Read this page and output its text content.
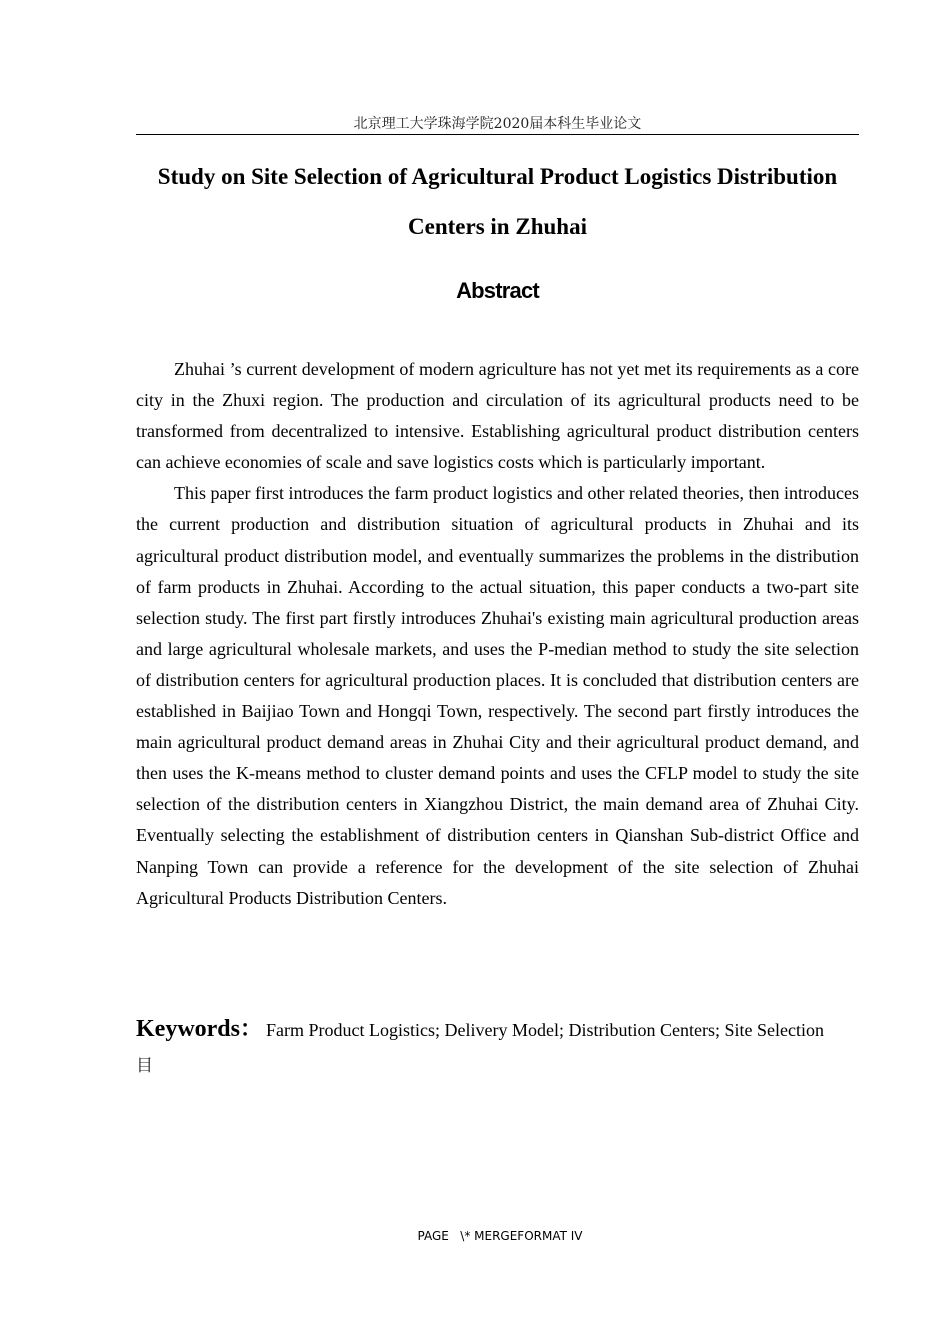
北京理工大学珠海学院2020届本科生毕业论文
Study on Site Selection of Agricultural Product Logistics Distribution Centers in Zhuhai
Abstract

Zhuhai ’s current development of modern agriculture has not yet met its requirements as a core city in the Zhuxi region. The production and circulation of its agricultural products need to be transformed from decentralized to intensive. Establishing agricultural product distribution centers can achieve economies of scale and save logistics costs which is particularly important.

This paper first introduces the farm product logistics and other related theories, then introduces the current production and distribution situation of agricultural products in Zhuhai and its agricultural product distribution model, and eventually summarizes the problems in the distribution of farm products in Zhuhai. According to the actual situation, this paper conducts a two-part site selection study. The first part firstly introduces Zhuhai's existing main agricultural production areas and large agricultural wholesale markets, and uses the P-median method to study the site selection of distribution centers for agricultural production places. It is concluded that distribution centers are established in Baijiao Town and Hongqi Town, respectively. The second part firstly introduces the main agricultural product demand areas in Zhuhai City and their agricultural product demand, and then uses the K-means method to cluster demand points and uses the CFLP model to study the site selection of the distribution centers in Xiangzhou District, the main demand area of Zhuhai City. Eventually selecting the establishment of distribution centers in Qianshan Sub-district Office and Nanping Town can provide a reference for the development of the site selection of Zhuhai Agricultural Products Distribution Centers.

Keywords： Farm Product Logistics; Delivery Model; Distribution Centers; Site Selection

目
PAGE   \* MERGEFORMAT IV
